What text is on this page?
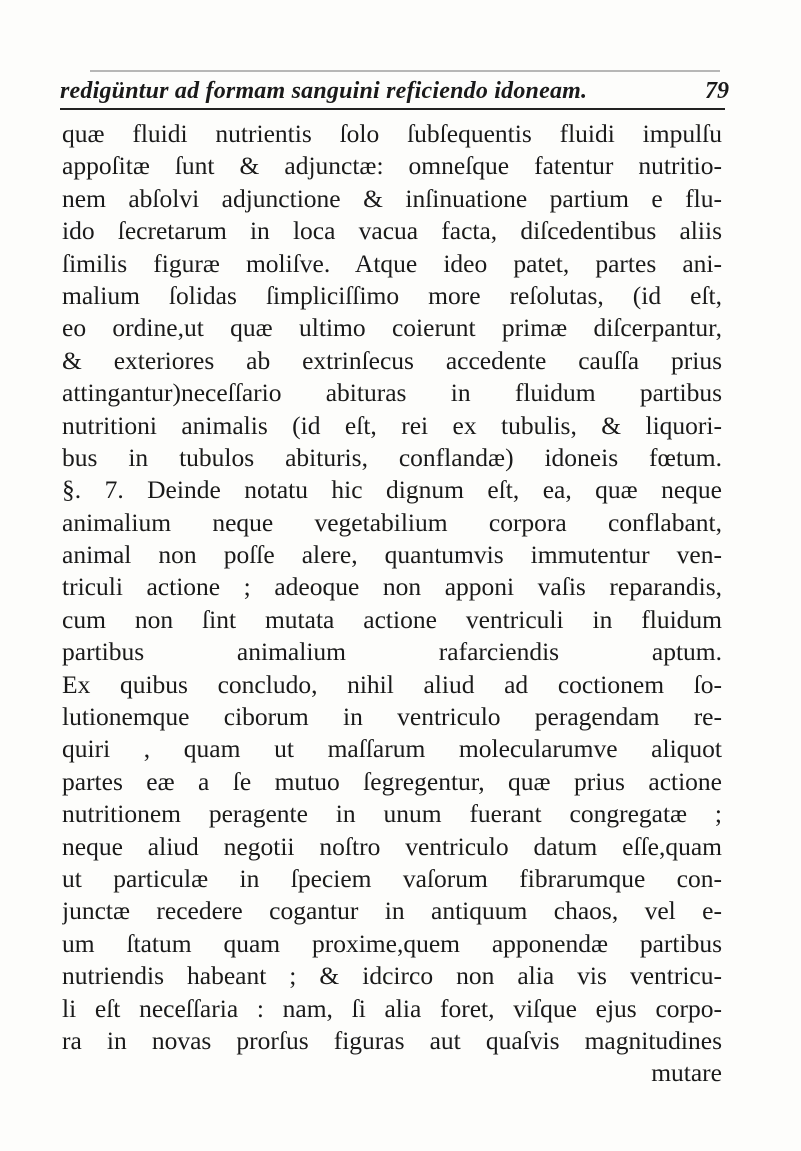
redigüntur ad formam sanguini reficiendo idoneam.	79
quæ fluidi nutrientis ſolo ſubſequentis fluidi impulſu
appoſitæ ſunt & adjunctæ: omneſque fatentur nutritio-
nem abſolvi adjunctione & inſinuatione partium e flu-
ido ſecretarum in loca vacua facta, diſcedentibus aliis
ſimilis figuræ moliſve. Atque ideo patet, partes ani-
malium ſolidas ſimpliciſſimo more reſolutas, (id eſt,
eo ordine,ut quæ ultimo coierunt primæ diſcerpantur,
& exteriores ab extrinſecus accedente cauſſa prius
attingantur)neceſſario abituras in fluidum partibus
nutritioni animalis (id eſt, rei ex tubulis, & liquori-
bus in tubulos abituris, conflandæ) idoneis fœtum.
§. 7. Deinde notatu hic dignum eſt, ea, quæ neque
animalium neque vegetabilium corpora conflabant,
animal non poſſe alere, quantumvis immutentur ven-
triculi actione ; adeoque non apponi vaſis reparandis,
cum non ſint mutata actione ventriculi in fluidum
partibus animalium rafarciendis aptum.
Ex quibus concludo, nihil aliud ad coctionem ſo-
lutionemque ciborum in ventriculo peragendam re-
quiri , quam ut maſſarum molecularumve aliquot
partes eæ a ſe mutuo ſegregentur, quæ prius actione
nutritionem peragente in unum fuerant congregatæ ;
neque aliud negotii noſtro ventriculo datum eſſe,quam
ut particulæ in ſpeciem vaſorum fibrarumque con-
junctæ recedere cogantur in antiquum chaos, vel e-
um ſtatum quam proxime,quem apponendæ partibus
nutriendis habeant ; & idcirco non alia vis ventricu-
li eſt neceſſaria : nam, ſi alia foret, viſque ejus corpo-
ra in novas prorſus figuras aut quaſvis magnitudines
mutare
